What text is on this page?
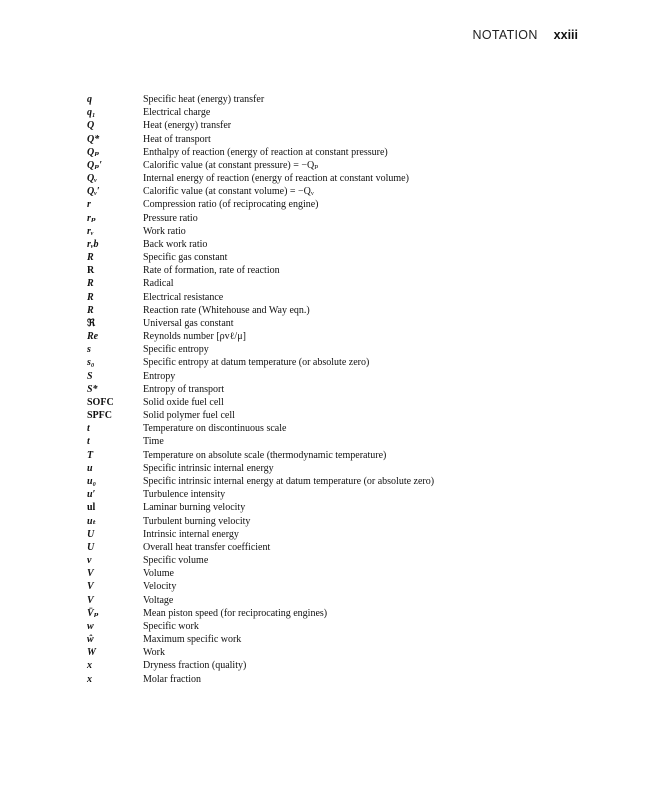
NOTATION xxiii
q	Specific heat (energy) transfer
q₁	Electrical charge
Q	Heat (energy) transfer
Q*	Heat of transport
Qₚ	Enthalpy of reaction (energy of reaction at constant pressure)
Qₚ′	Calorific value (at constant pressure) = −Qₚ
Qᵥ	Internal energy of reaction (energy of reaction at constant volume)
Qᵥ′	Calorific value (at constant volume) = −Qᵥ
r	Compression ratio (of reciprocating engine)
rₚ	Pressure ratio
rᵥ	Work ratio
rᵥb	Back work ratio
R	Specific gas constant
R	Rate of formation, rate of reaction
R	Radical
R	Electrical resistance
R	Reaction rate (Whitehouse and Way eqn.)
ℜ	Universal gas constant
Re	Reynolds number [ρvℓ/μ]
s	Specific entropy
s₀	Specific entropy at datum temperature (or absolute zero)
S	Entropy
S*	Entropy of transport
SOFC	Solid oxide fuel cell
SPFC	Solid polymer fuel cell
t	Temperature on discontinuous scale
t	Time
T	Temperature on absolute scale (thermodynamic temperature)
u	Specific intrinsic internal energy
u₀	Specific intrinsic internal energy at datum temperature (or absolute zero)
u′	Turbulence intensity
ul	Laminar burning velocity
uₜ	Turbulent burning velocity
U	Intrinsic internal energy
U	Overall heat transfer coefficient
v	Specific volume
V	Volume
V	Velocity
V	Voltage
V̄ₚ	Mean piston speed (for reciprocating engines)
w	Specific work
ŵ	Maximum specific work
W	Work
x	Dryness fraction (quality)
x	Molar fraction
